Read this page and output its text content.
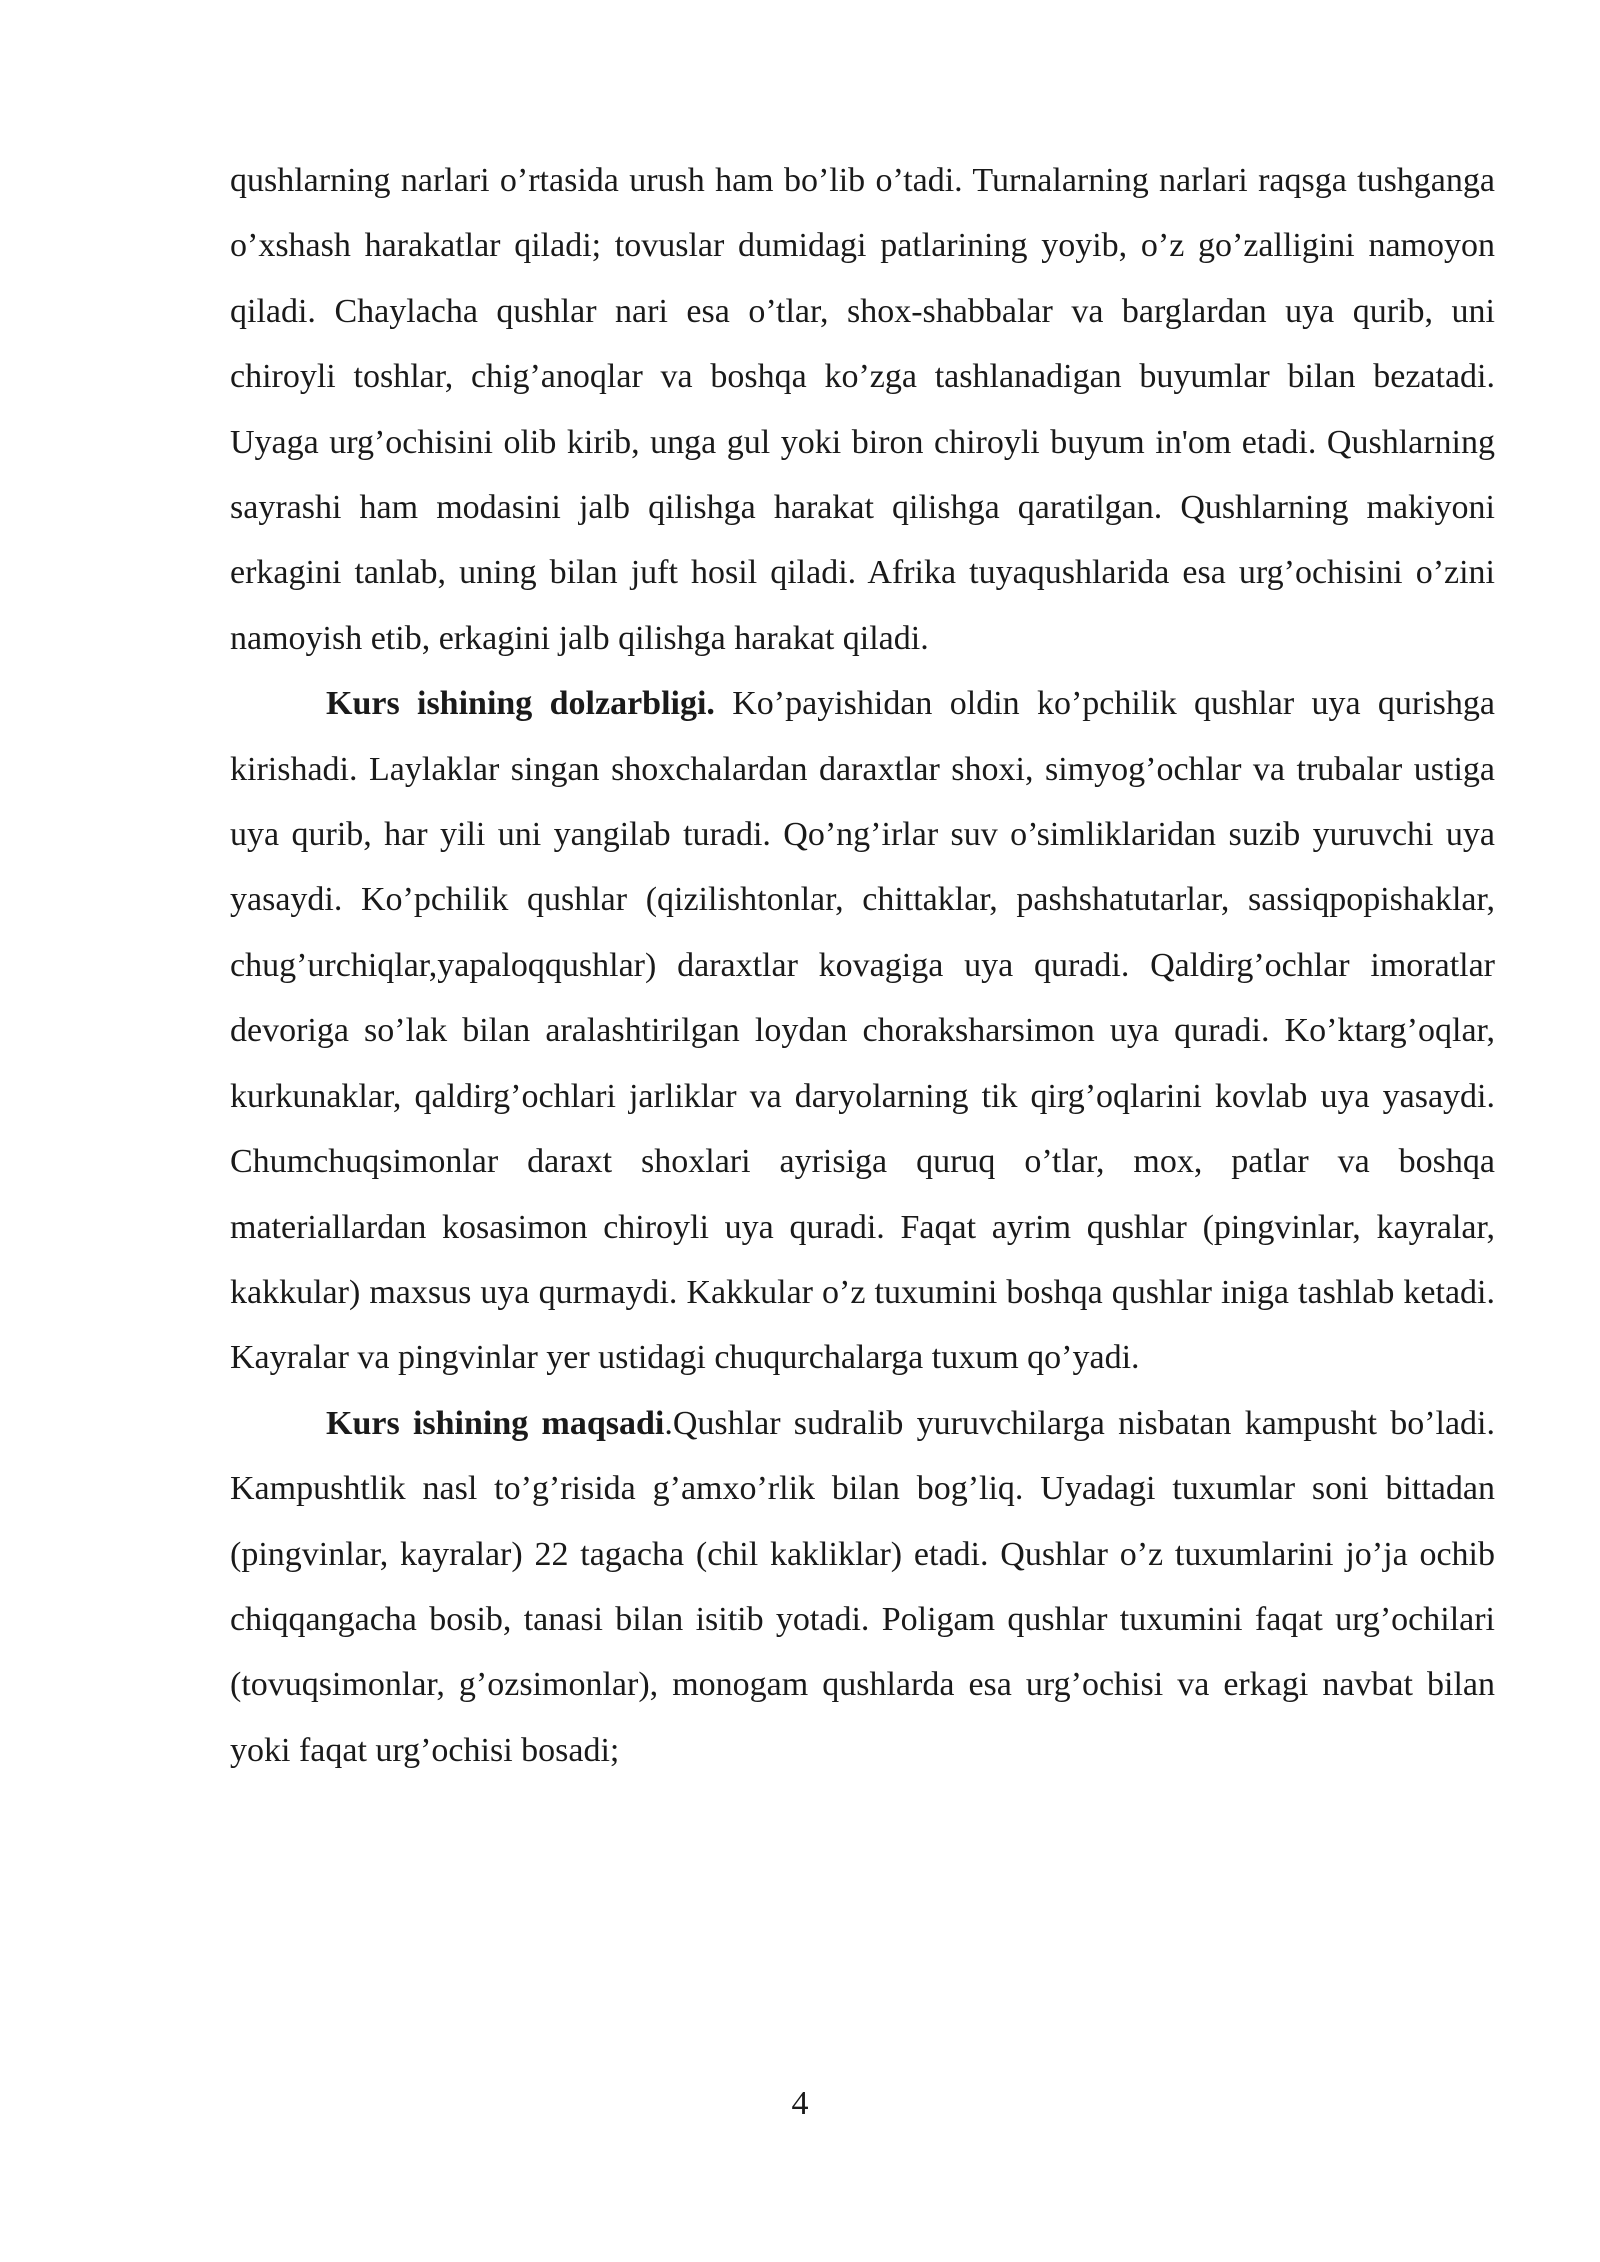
qushlarning narlari o’rtasida urush ham bo’lib o’tadi. Turnalarning narlari raqsga tushganga o’xshash harakatlar qiladi; tovuslar dumidagi patlarining yoyib, o’z go’zalligini namoyon qiladi. Chaylacha qushlar nari esa o’tlar, shox-shabbalar va barglardan uya qurib, uni chiroyli toshlar, chig’anoqlar va boshqa ko’zga tashlanadigan buyumlar bilan bezatadi. Uyaga urg’ochisini olib kirib, unga gul yoki biron chiroyli buyum in'om etadi. Qushlarning sayrashi ham modasini jalb qilishga harakat qilishga qaratilgan. Qushlarning makiyoni erkagini tanlab, uning bilan juft hosil qiladi. Afrika tuyaqushlarida esa urg’ochisini o’zini namoyish etib, erkagini jalb qilishga harakat qiladi.

Kurs ishining dolzarbligi. Ko’payishidan oldin ko’pchilik qushlar uya qurishga kirishadi. Laylaklar singan shoxchalardan daraxtlar shoxi, simyog’ochlar va trubalar ustiga uya qurib, har yili uni yangilab turadi. Qo’ng’irlar suv o’simliklaridan suzib yuruvchi uya yasaydi. Ko’pchilik qushlar (qizilishtonlar, chittaklar, pashshatutarlar, sassiqpopishaklar, chug’urchiqlar,yapaloqqushlar) daraxtlar kovagiga uya quradi. Qaldirg’ochlar imoratlar devoriga so’lak bilan aralashtirilgan loydan choraksharsimon uya quradi. Ko’ktarg’oqlar, kurkunaklar, qaldirg’ochlari jarliklar va daryolarning tik qirg’oqlarini kovlab uya yasaydi. Chumchuqsimonlar daraxt shoxlari ayrisiga quruq o’tlar, mox, patlar va boshqa materiallardan kosasimon chiroyli uya quradi. Faqat ayrim qushlar (pingvinlar, kayralar, kakkular) maxsus uya qurmaydi. Kakkular o’z tuxumini boshqa qushlar iniga tashlab ketadi. Kayralar va pingvinlar yer ustidagi chuqurchalarga tuxum qo’yadi.

Kurs ishining maqsadi.Qushlar sudralib yuruvchilarga nisbatan kampusht bo’ladi. Kampushtlik nasl to’g’risida g’amxo’rlik bilan bog’liq. Uyadagi tuxumlar soni bittadan (pingvinlar, kayralar) 22 tagacha (chil kakliklar) etadi. Qushlar o’z tuxumlarini jo’ja ochib chiqqangacha bosib, tanasi bilan isitib yotadi. Poligam qushlar tuxumini faqat urg’ochilari (tovuqsimonlar, g’ozsimonlar), monogam qushlarda esa urg’ochisi va erkagi navbat bilan yoki faqat urg’ochisi bosadi;

4
